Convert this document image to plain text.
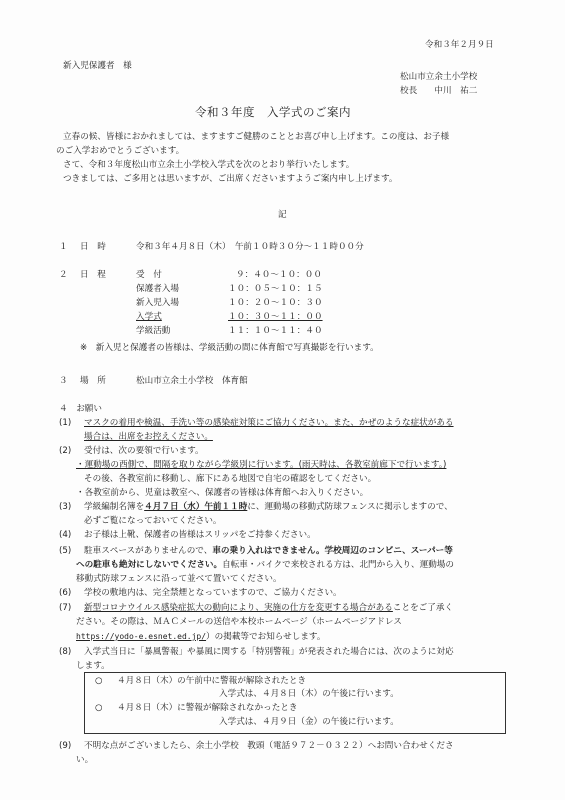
令和３年２月９日
新入児保護者　様
松山市立余土小学校
校長　　中川　祐二
令和３年度　入学式のご案内
立春の候、皆様におかれましては、ますますご健勝のこととお喜び申し上げます。この度は、お子様
のご入学おめでとうございます。
さて、令和３年度松山市立余土小学校入学式を次のとおり挙行いたします。
つきましては、ご多用とは思いますが、ご出席くださいますようご案内申し上げます。
記
１ 日　時	令和３年４月８日（木）　午前１０時３０分～１１時００分
２ 日　程	受　付	９：４０～１０：００
保護者入場	１０：０５～１０：１５
新入児入場	１０：２０～１０：３０
入学式	１０：３０～１１：００
学級活動	１１：１０～１１：４０
※　新入児と保護者の皆様は、学級活動の間に体育館で写真撮影を行います。
３ 場　所	松山市立余土小学校　体育館
４　お願い
(1) マスクの着用や検温、手洗い等の感染症対策にご協力ください。また、かぜのような症状がある
場合は、出席をお控えください。
(2) 受付は、次の要領で行います。
・運動場の西側で、間隔を取りながら学級別に行います。(雨天時は、各教室前廊下で行います。)
その後、各教室前に移動し、廊下にある地図で自宅の確認をしてください。
・各教室前から、児童は教室へ、保護者の皆様は体育館へお入りください。
(3) 学級編制名簿を４月７日（水）午前１１時に、運動場の移動式防球フェンスに掲示しますので、
必ずご覧になっておいてください。
(4) お子様は上靴、保護者の皆様はスリッパをご持参ください。
(5) 駐車スペースがありませんので、車の乗り入れはできません。学校周辺のコンビニ、スーパー等
への駐車も絶対にしないでください。自転車・バイクで来校される方は、北門から入り、運動場の
移動式防球フェンスに沿って並べて置いてください。
(6) 学校の敷地内は、完全禁煙となっていますので、ご協力ください。
(7) 新型コロナウイルス感染症拡大の動向により、実施の仕方を変更する場合があることをご了承く
ださい。その際は、ＭＡＣメールの送信や本校ホームページ（ホームページアドレス
https://yodo-e.esnet.ed.jp/）の掲載等でお知らせします。
(8) 入学式当日に「暴風警報」や暴風に関する「特別警報」が発表された場合には、次のように対応
します。
○ ４月８日（木）の午前中に警報が解除されたとき
入学式は、４月８日（木）の午後に行います。
○ ４月８日（木）に警報が解除されなかったとき
入学式は、４月９日（金）の午後に行います。
(9) 不明な点がございましたら、余土小学校　教頭（電話９７２－０３２２）へお問い合わせくださ
い。
